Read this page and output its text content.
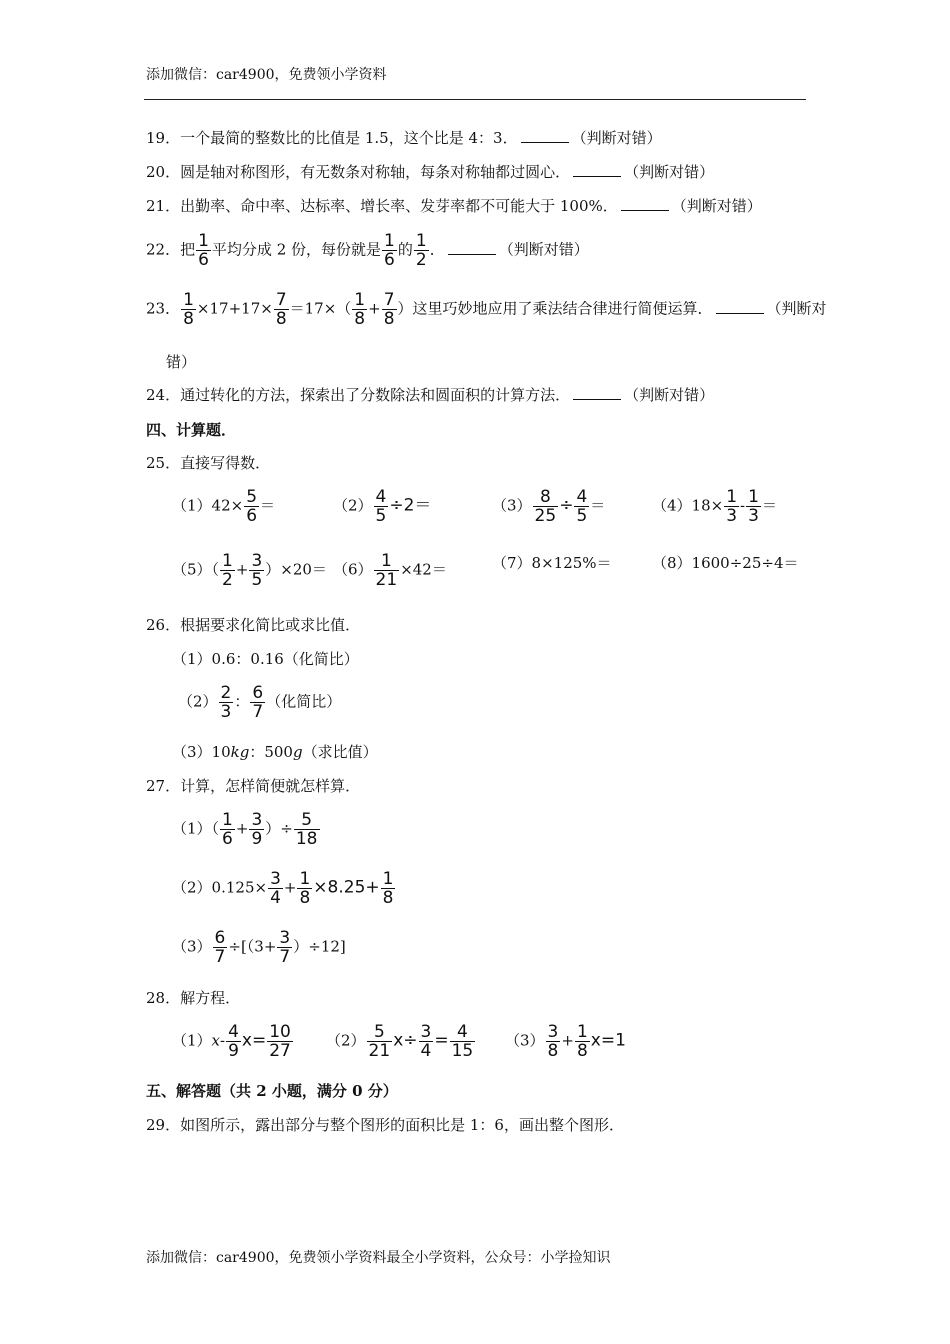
添加微信：car4900，免费领小学资料
19．一个最简的整数比的比值是 1.5，这个比是 4：3．	（判断对错）
20．圆是轴对称图形，有无数条对称轴，每条对称轴都过圆心．	（判断对错）
21．出勤率、命中率、达标率、增长率、发芽率都不可能大于 100%．	（判断对错）
22．把 $\frac{1}{6}$ 平均分成 2 份，每份就是 $\frac{1}{6}$ 的 $\frac{1}{2}$ ．	（判断对错）
23． $\frac{1}{8} \times 17+17\times \frac{7}{8} =17\times( \frac{1}{8} + \frac{7}{8}$ ）这里巧妙地应用了乘法结合律进行简便运算．	（判断对
错）
24．通过转化的方法，探索出了分数除法和圆面积的计算方法．	（判断对错）
四、计算题．
25．直接写得数．
$(1)42\times \frac{5}{6}$ ＝	$(2) \frac{4}{5} \div 2=$	$(3) \frac{8}{25} \div \frac{4}{5}$ ＝	$(4)18\times \frac{1}{3} - \frac{1}{3}$ ＝
$(5)( \frac{1}{2} + \frac{3}{5} )\times 20= (6) \frac{1}{21} \times 42=$	（7）8×125%＝	（8）1600÷25÷4＝
26．根据要求化简比或求比值．
（1）0.6：0.16（化简比）
$(2) \frac{2}{3}$ ： $\frac{6}{7}$ （化简比）
（3）10kg：500g（求比值）
27．计算，怎样简便就怎样算．
$(1)( \frac{1}{6} + \frac{3}{9}$ ）÷ $\frac{5}{18}$
$(2)0.125\times \frac{3}{4} + \frac{1}{8} \times 8.25+ \frac{1}{8}$
$(3) \frac{6}{7} \div[(3+ \frac{3}{7} )\div 12]$
28．解方程．
$(1)x- \frac{4}{9} x= \frac{10}{27} (2) \frac{5}{21} x\div \frac{3}{4} = \frac{4}{15} (3) \frac{3}{8} + \frac{1}{8} x=1$
五、解答题（共 2 小题，满分 0 分）
29．如图所示，露出部分与整个图形的面积比是 1：6，画出整个图形．
添加微信：car4900，免费领小学资料最全小学资料，公众号：小学捡知识
